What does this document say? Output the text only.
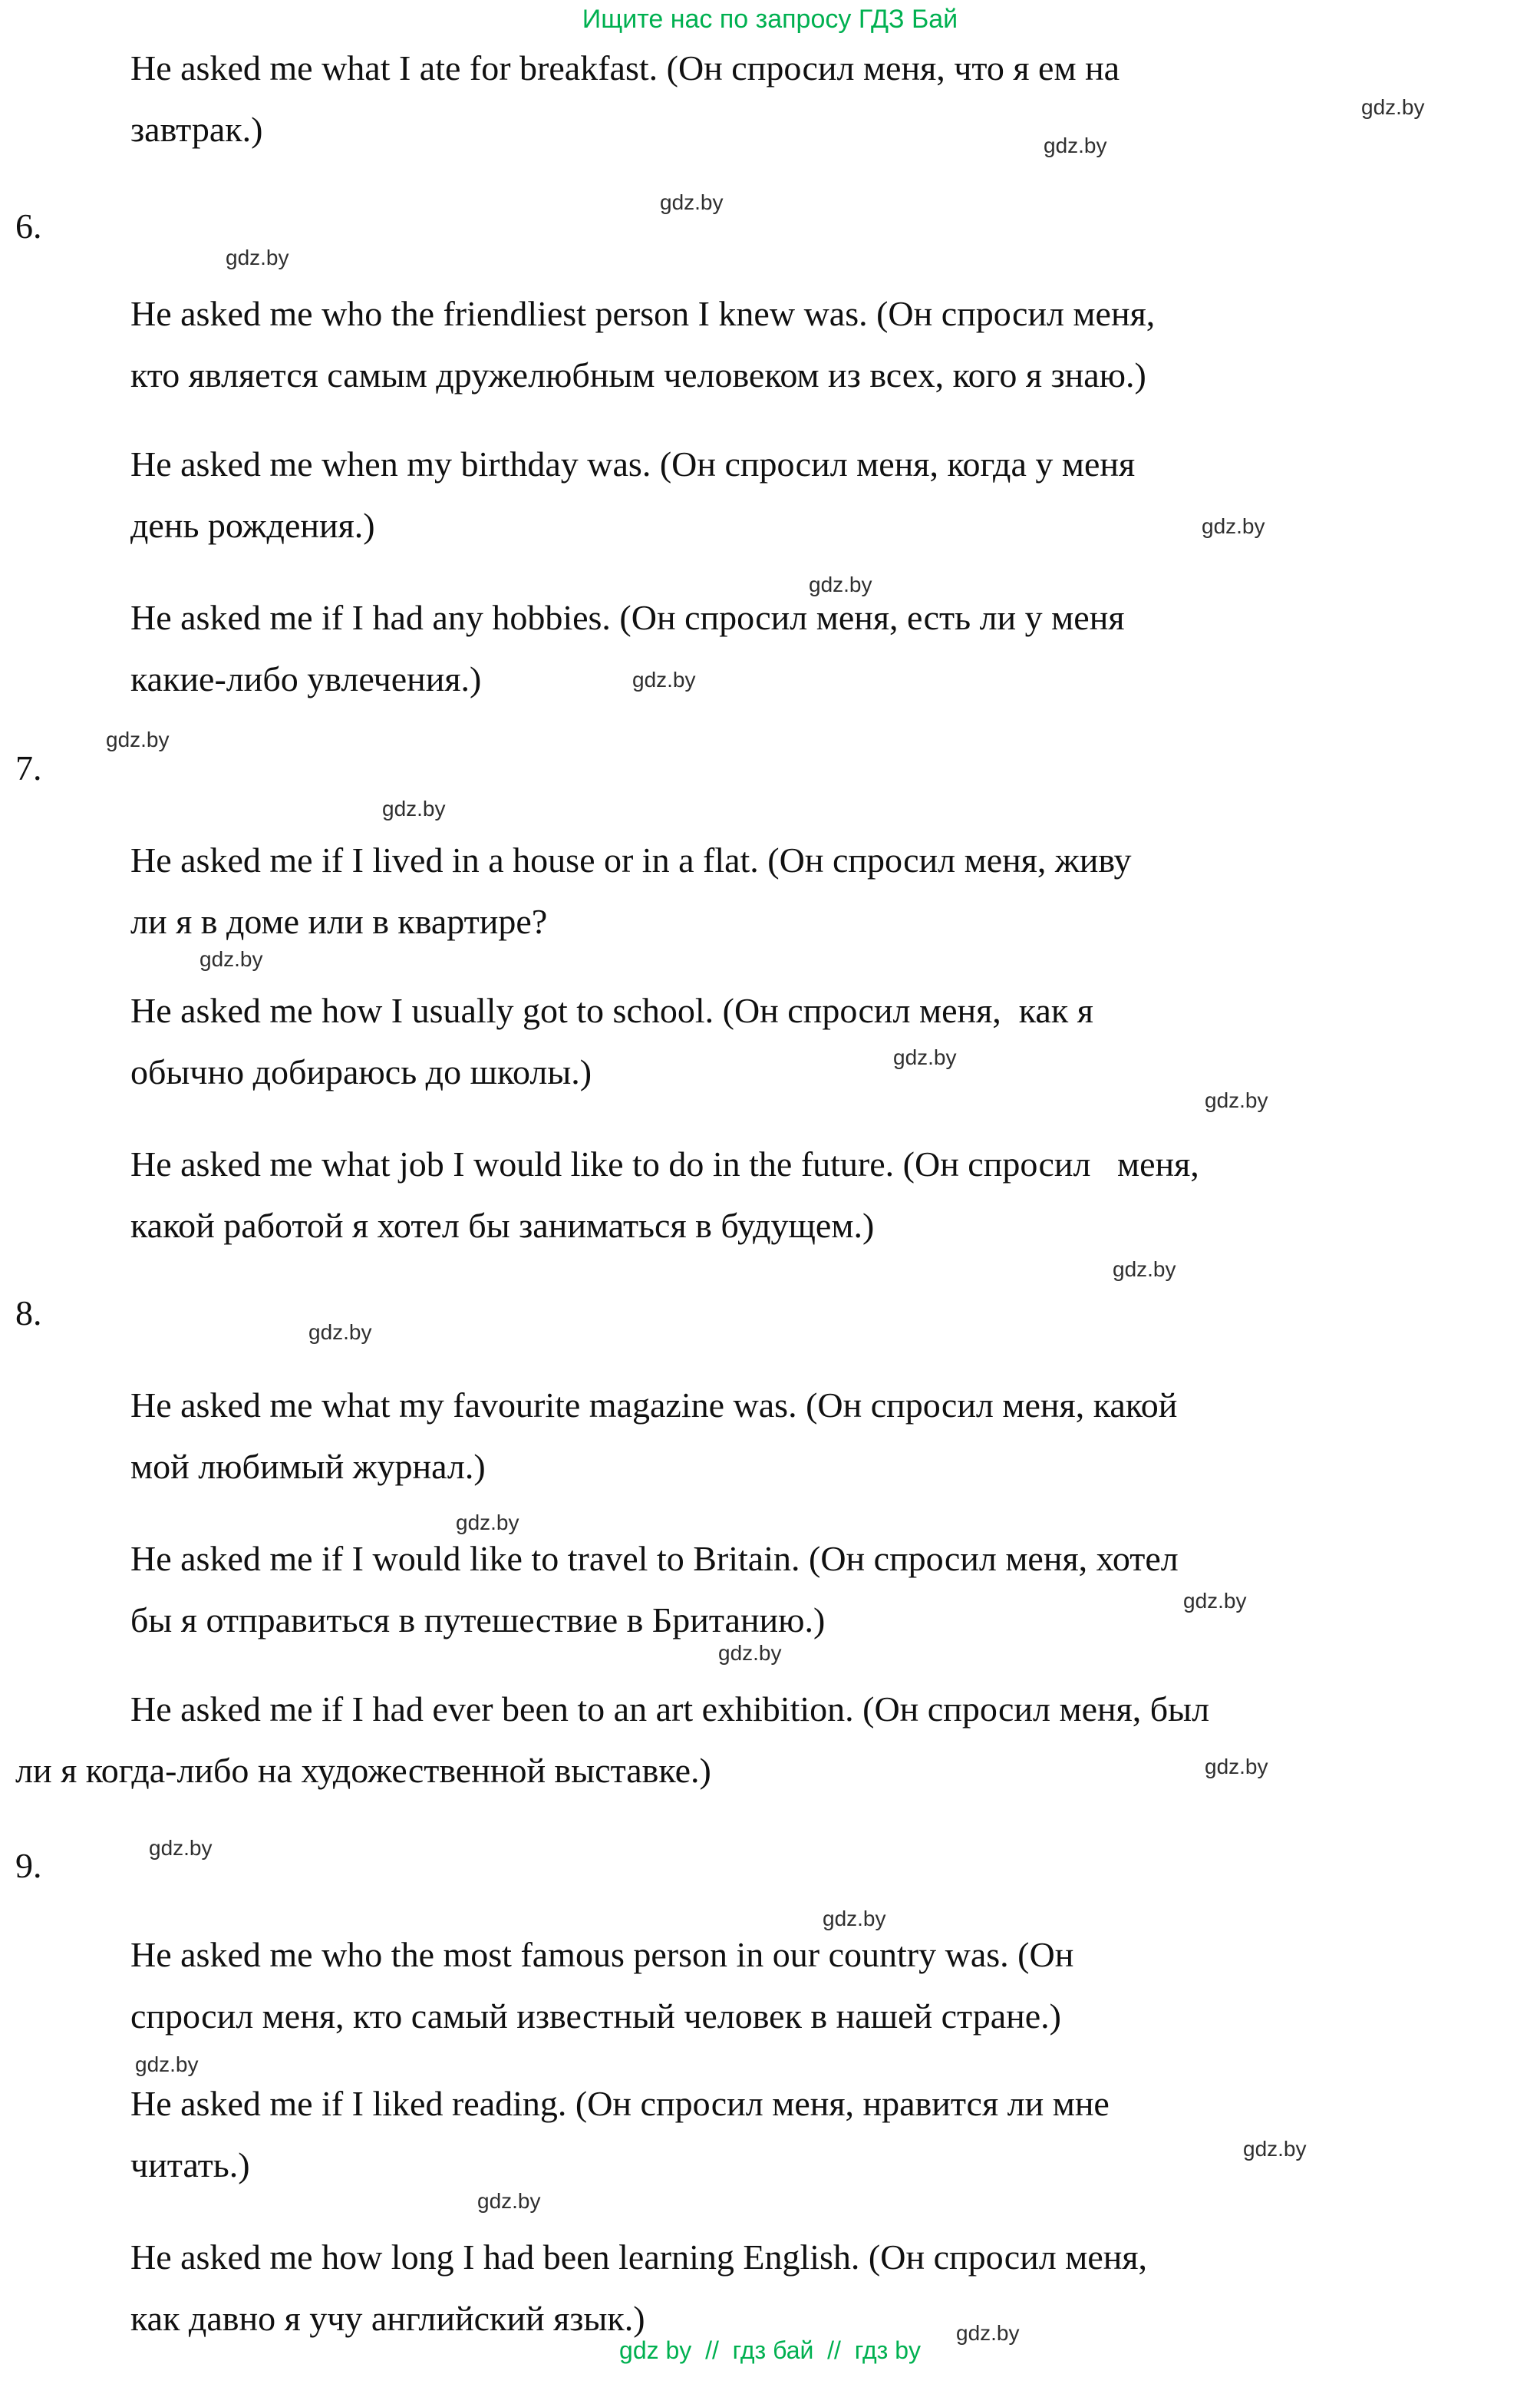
Ищите нас по запросу ГДЗ Бай
He asked me what I ate for breakfast. (Он спросил меня, что я ем на
завтрак.)
6.
He asked me who the friendliest person I knew was. (Он спросил меня,
кто является самым дружелюбным человеком из всех, кого я знаю.)
He asked me when my birthday was. (Он спросил меня, когда у меня
день рождения.)
He asked me if I had any hobbies. (Он спросил меня, есть ли у меня
какие-либо увлечения.)
7.
He asked me if I lived in a house or in a flat. (Он спросил меня, живу
ли я в доме или в квартире?
He asked me how I usually got to school. (Он спросил меня,  как я
обычно добираюсь до школы.)
He asked me what job I would like to do in the future. (Он спросил   меня,
какой работой я хотел бы заниматься в будущем.)
8.
He asked me what my favourite magazine was. (Он спросил меня, какой
мой любимый журнал.)
He asked me if I would like to travel to Britain. (Он спросил меня, хотел
бы я отправиться в путешествие в Британию.)
He asked me if I had ever been to an art exhibition. (Он спросил меня, был
ли я когда-либо на художественной выставке.)
9.
He asked me who the most famous person in our country was. (Он
спросил меня, кто самый известный человек в нашей стране.)
He asked me if I liked reading. (Он спросил меня, нравится ли мне
читать.)
He asked me how long I had been learning English. (Он спросил меня,
как давно я учу английский язык.)
gdz.by
gdz.by
gdz.by
gdz.by
gdz.by
gdz.by
gdz.by
gdz.by
gdz.by
gdz.by
gdz.by
gdz.by
gdz.by
gdz.by
gdz.by
gdz.by
gdz.by
gdz.by
gdz.by
gdz.by
gdz.by
gdz.by
gdz.by
gdz.by
gdz by  //  гдз бай  //  гдз by
